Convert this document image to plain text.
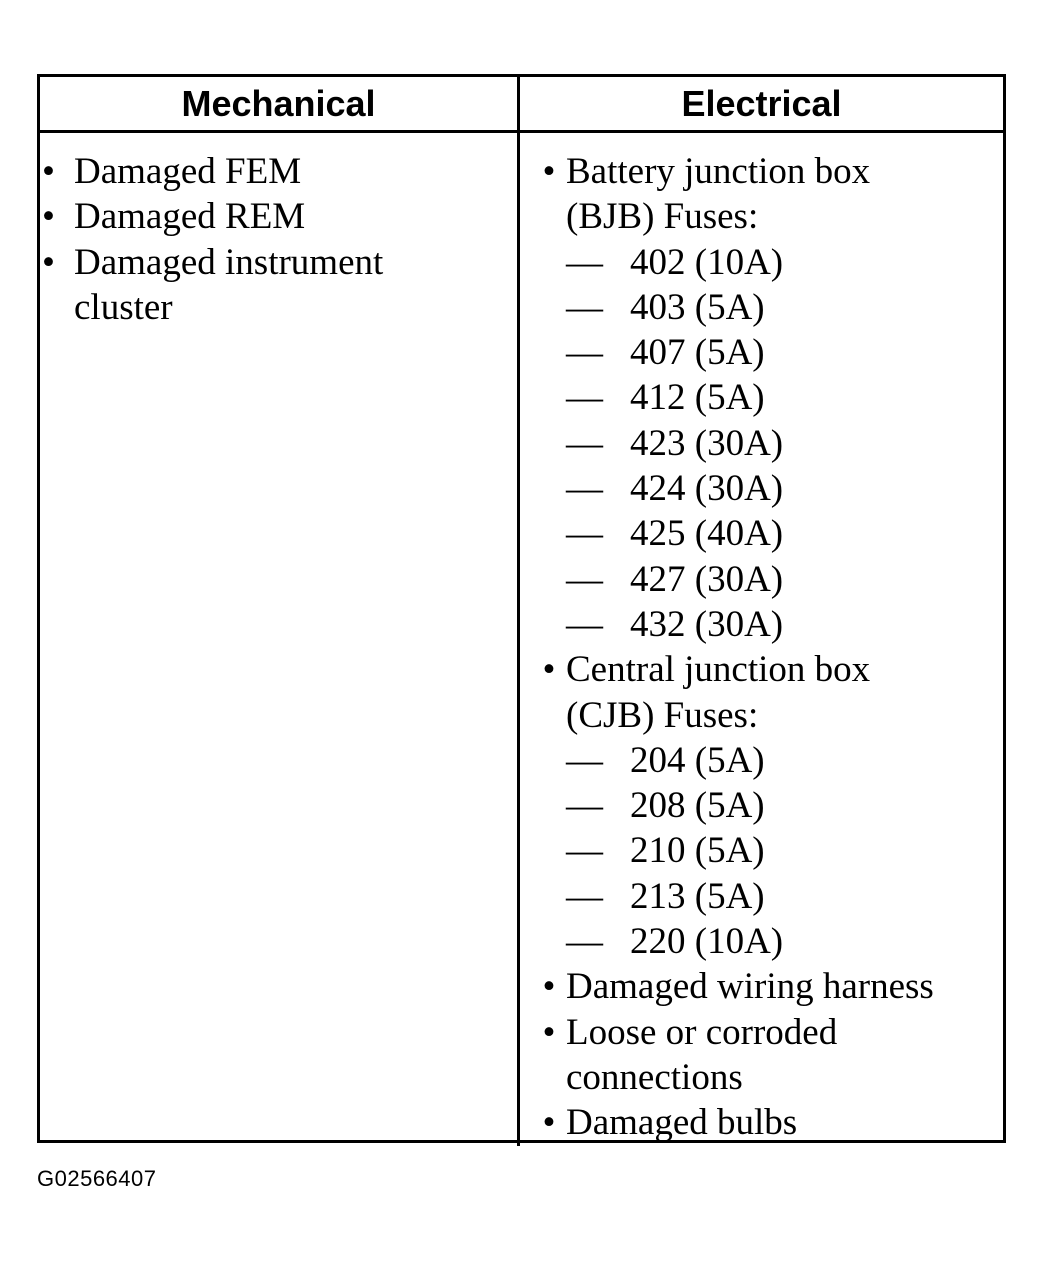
Mechanical	Electrical
• Damaged FEM
• Damaged REM
• Damaged instrument cluster
• Battery junction box (BJB) Fuses:
— 402 (10A)
— 403 (5A)
— 407 (5A)
— 412 (5A)
— 423 (30A)
— 424 (30A)
— 425 (40A)
— 427 (30A)
— 432 (30A)
• Central junction box (CJB) Fuses:
— 204 (5A)
— 208 (5A)
— 210 (5A)
— 213 (5A)
— 220 (10A)
• Damaged wiring harness
• Loose or corroded connections
• Damaged bulbs
G02566407
